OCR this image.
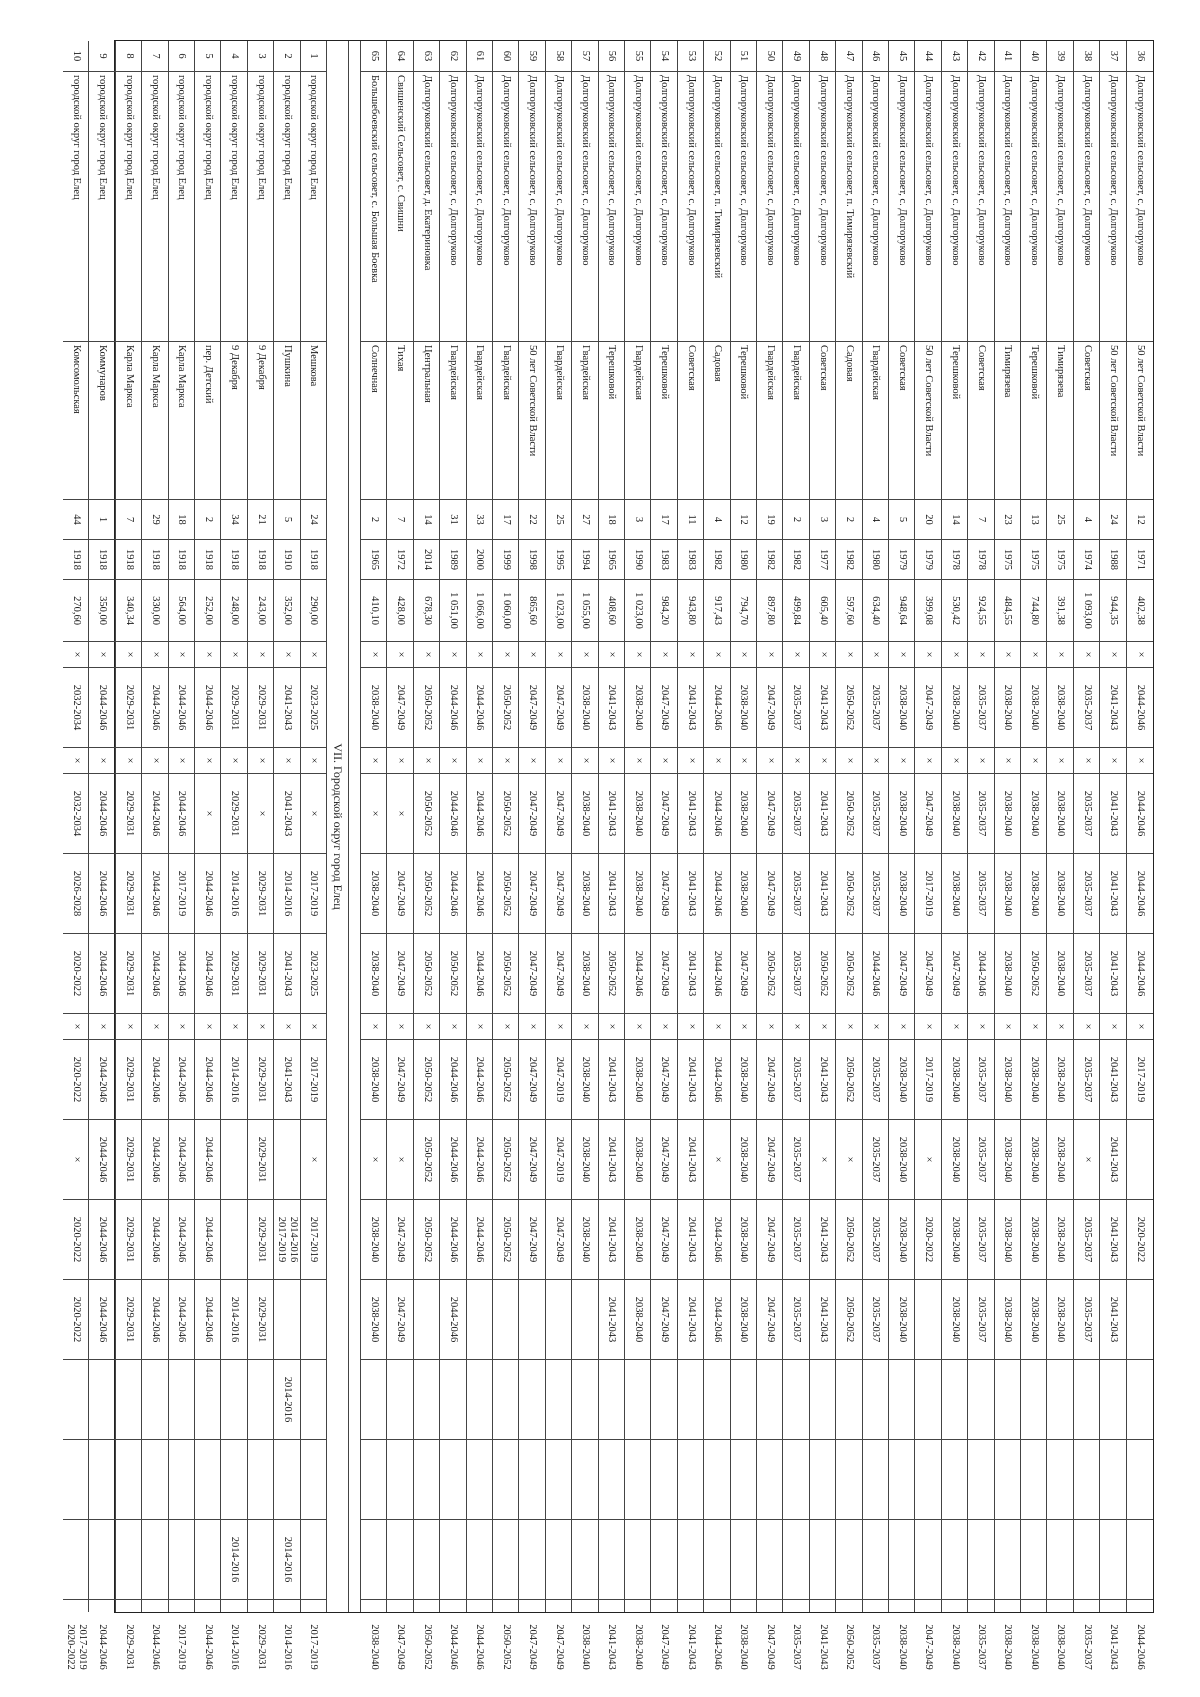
36
Долгоруковский сельсовет, с. Долгоруково
50 лет Советской Власти
12
1971
402,38
×
2044-2046
×
2044-2046
2044-2046
2044-2046
×
2017-2019
2020-2022
2044-2046
37
Долгоруковский сельсовет, с. Долгоруково
50 лет Советской Власти
24
1988
944,35
×
2041-2043
×
2041-2043
2041-2043
2041-2043
×
2041-2043
2041-2043
2041-2043
2041-2043
2041-2043
38
Долгоруковский сельсовет, с. Долгоруково
Советская
4
1974
1 093,00
×
2035-2037
×
2035-2037
2035-2037
2035-2037
×
2035-2037
×
2035-2037
2035-2037
2035-2037
39
Долгоруковский сельсовет, с. Долгоруково
Тимирязева
25
1975
391,38
×
2038-2040
×
2038-2040
2038-2040
2038-2040
×
2038-2040
2038-2040
2038-2040
2038-2040
2038-2040
40
Долгоруковский сельсовет, с. Долгоруково
Терешковой
13
1975
744,80
×
2038-2040
×
2038-2040
2038-2040
2050-2052
×
2038-2040
2038-2040
2038-2040
2038-2040
2038-2040
41
Долгоруковский сельсовет, с. Долгоруково
Тимирязева
23
1975
484,55
×
2038-2040
×
2038-2040
2038-2040
2038-2040
×
2038-2040
2038-2040
2038-2040
2038-2040
2038-2040
42
Долгоруковский сельсовет, с. Долгоруково
Советская
7
1978
924,55
×
2035-2037
×
2035-2037
2035-2037
2044-2046
×
2035-2037
2035-2037
2035-2037
2035-2037
2035-2037
43
Долгоруковский сельсовет, с. Долгоруково
Терешковой
14
1978
530,42
×
2038-2040
×
2038-2040
2038-2040
2047-2049
×
2038-2040
2038-2040
2038-2040
2038-2040
2038-2040
44
Долгоруковский сельсовет, с. Долгоруково
50 лет Советской Власти
20
1979
399,08
×
2047-2049
×
2047-2049
2017-2019
2047-2049
×
2017-2019
×
2020-2022
2047-2049
45
Долгоруковский сельсовет, с. Долгоруково
Советская
5
1979
948,64
×
2038-2040
×
2038-2040
2038-2040
2047-2049
×
2038-2040
2038-2040
2038-2040
2038-2040
2038-2040
46
Долгоруковский сельсовет, с. Долгоруково
Гвардейская
4
1980
634,40
×
2035-2037
×
2035-2037
2035-2037
2044-2046
×
2035-2037
2035-2037
2035-2037
2035-2037
2035-2037
47
Долгоруковский сельсовет, п. Тимирязевский
Садовая
2
1982
597,60
×
2050-2052
×
2050-2052
2050-2052
2050-2052
×
2050-2052
×
2050-2052
2050-2052
2050-2052
48
Долгоруковский сельсовет, с. Долгоруково
Советская
3
1977
605,40
×
2041-2043
×
2041-2043
2041-2043
2050-2052
×
2041-2043
×
2041-2043
2041-2043
2041-2043
49
Долгоруковский сельсовет, с. Долгоруково
Гвардейская
2
1982
499,84
×
2035-2037
×
2035-2037
2035-2037
2035-2037
×
2035-2037
2035-2037
2035-2037
2035-2037
2035-2037
50
Долгоруковский сельсовет, с. Долгоруково
Гвардейская
19
1982
897,80
×
2047-2049
×
2047-2049
2047-2049
2050-2052
×
2047-2049
2047-2049
2047-2049
2047-2049
2047-2049
51
Долгоруковский сельсовет, с. Долгоруково
Терешковой
12
1980
794,70
×
2038-2040
×
2038-2040
2038-2040
2047-2049
×
2038-2040
2038-2040
2038-2040
2038-2040
2038-2040
52
Долгоруковский сельсовет, п. Тимирязевский
Садовая
4
1982
917,43
×
2044-2046
×
2044-2046
2044-2046
2044-2046
×
2044-2046
×
2044-2046
2044-2046
2044-2046
53
Долгоруковский сельсовет, с. Долгоруково
Советская
11
1983
943,80
×
2041-2043
×
2041-2043
2041-2043
2041-2043
×
2041-2043
2041-2043
2041-2043
2041-2043
2041-2043
54
Долгоруковский сельсовет, с. Долгоруково
Терешковой
17
1983
984,20
×
2047-2049
×
2047-2049
2047-2049
2047-2049
×
2047-2049
2047-2049
2047-2049
2047-2049
2047-2049
55
Долгоруковский сельсовет, с. Долгоруково
Гвардейская
3
1990
1 023,00
×
2038-2040
×
2038-2040
2038-2040
2044-2046
×
2038-2040
2038-2040
2038-2040
2038-2040
2038-2040
56
Долгоруковский сельсовет, с. Долгоруково
Терешковой
18
1965
408,60
×
2041-2043
×
2041-2043
2041-2043
2050-2052
×
2041-2043
2041-2043
2041-2043
2041-2043
2041-2043
57
Долгоруковский сельсовет, с. Долгоруково
Гвардейская
27
1994
1 055,00
×
2038-2040
×
2038-2040
2038-2040
2038-2040
×
2038-2040
2038-2040
2038-2040
2038-2040
58
Долгоруковский сельсовет, с. Долгоруково
Гвардейская
25
1995
1 023,00
×
2047-2049
×
2047-2049
2047-2049
2047-2049
×
2047-2019
2047-2019
2047-2049
2047-2049
59
Долгоруковский сельсовет, с. Долгоруково
50 лет Советской Власти
22
1998
865,60
×
2047-2049
×
2047-2049
2047-2049
2047-2049
×
2047-2049
2047-2049
2047-2049
2047-2049
60
Долгоруковский сельсовет, с. Долгоруково
Гвардейская
17
1999
1 060,00
×
2050-2052
×
2050-2052
2050-2052
2050-2052
×
2050-2052
2050-2052
2050-2052
2050-2052
61
Долгоруковский сельсовет, с. Долгоруково
Гвардейская
33
2000
1 066,00
×
2044-2046
×
2044-2046
2044-2046
2044-2046
×
2044-2046
2044-2046
2044-2046
2044-2046
62
Долгоруковский сельсовет, с. Долгоруково
Гвардейская
31
1989
1 051,00
×
2044-2046
×
2044-2046
2044-2046
2050-2052
×
2044-2046
2044-2046
2044-2046
2044-2046
2044-2046
63
Долгоруковский сельсовет, д. Екатериновка
Центральная
14
2014
678,30
×
2050-2052
×
2050-2052
2050-2052
2050-2052
×
2050-2052
2050-2052
2050-2052
2050-2052
64
Свишенский Сельсовет, с. Свишни
Тихая
7
1972
428,00
×
2047-2049
×
×
2047-2049
2047-2049
×
2047-2049
×
2047-2049
2047-2049
2047-2049
65
Большебоевский сельсовет, с. Большая Боевка
Солнечная
2
1965
410,10
×
2038-2040
×
×
2038-2040
2038-2040
×
2038-2040
×
2038-2040
2038-2040
2038-2040
VII. Городской округ город Елец
1
городской округ город Елец
Мешкова
24
1918
290,00
×
2023-2025
×
×
2017-2019
2023-2025
×
2017-2019
×
2017-2019
2017-2019
2
городской округ город Елец
Пушкина
5
1910
352,00
×
2041-2043
×
2041-2043
2014-2016
2041-2043
×
2041-2043
2014-2016
2017-2019
2014-2016
2014-2016
2014-2016
3
городской округ город Елец
9 Декабря
21
1918
243,00
×
2029-2031
×
×
2029-2031
2029-2031
×
2029-2031
2029-2031
2029-2031
2029-2031
2029-2031
4
городской округ город Елец
9 Декабря
34
1918
248,00
×
2029-2031
×
2029-2031
2014-2016
2029-2031
×
2014-2016
2014-2016
2014-2016
2014-2016
5
городской округ город Елец
пер. Детский
2
1918
252,00
×
2044-2046
×
×
2044-2046
2044-2046
×
2044-2046
2044-2046
2044-2046
2044-2046
2044-2046
6
городской округ город Елец
Карла Маркса
18
1918
564,00
×
2044-2046
×
2044-2046
2017-2019
2044-2046
×
2044-2046
2044-2046
2044-2046
2044-2046
2017-2019
7
городской округ город Елец
Карла Маркса
29
1918
330,00
×
2044-2046
×
2044-2046
2044-2046
2044-2046
×
2044-2046
2044-2046
2044-2046
2044-2046
2044-2046
8
городской округ город Елец
Карла Маркса
7
1918
340,34
×
2029-2031
×
2029-2031
2029-2031
2029-2031
×
2029-2031
2029-2031
2029-2031
2029-2031
2029-2031
9
городской округ город Елец
Коммунаров
1
1918
350,00
×
2044-2046
×
2044-2046
2044-2046
2044-2046
×
2044-2046
2044-2046
2044-2046
2044-2046
2044-2046
10
городской округ город Елец
Комсомольская
44
1918
270,60
×
2032-2034
×
2032-2034
2026-2028
2020-2022
×
2020-2022
×
2020-2022
2020-2022
2017-2019
2020-2022
